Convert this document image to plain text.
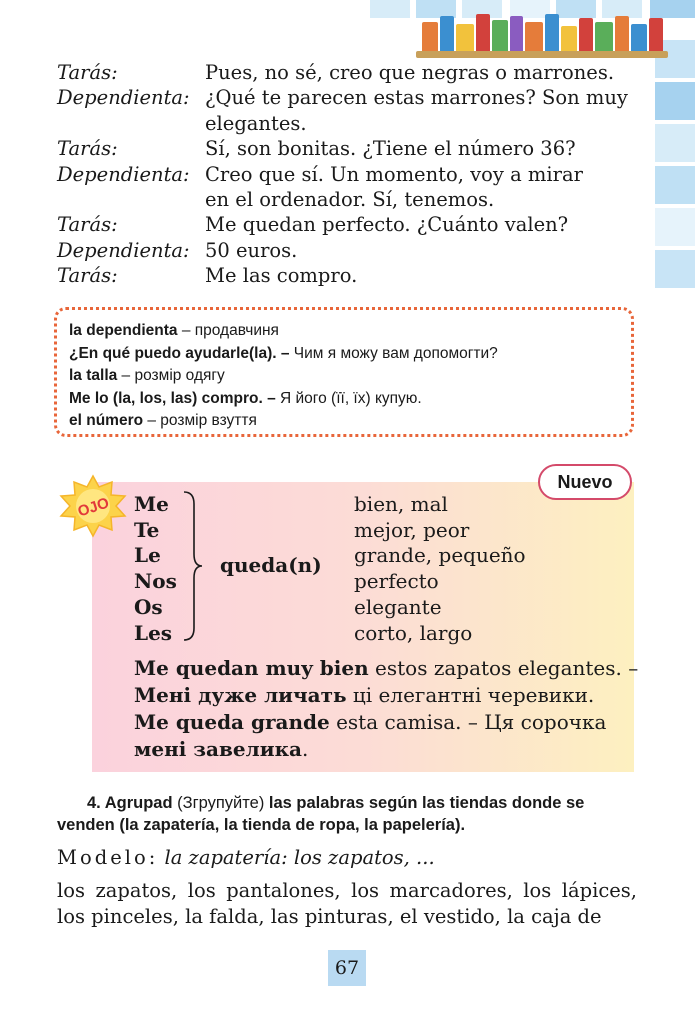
Tarás:	Pues, no sé, creo que negras o marrones.
Dependienta: ¿Qué te parecen estas marrones? Son muy
elegantes.
Tarás:	Sí, son bonitas. ¿Tiene el número 36?
Dependienta: Creo que sí. Un momento, voy a mirar
en el ordenador. Sí, tenemos.
Tarás:	Me quedan perfecto. ¿Cuánto valen?
Dependienta: 50 euros.
Tarás:	Me las compro.
la dependienta – продавчиня
¿En qué puedo ayudarle(la). – Чим я можу вам допомогти?
la talla – розмір одягу
Me lo (la, los, las) compro. – Я його (її, їх) купую.
el número – розмір взуття
OJO
Nuevo
Me
Te
Le
Nos
Os
Les
queda(n)
bien, mal
mejor, peor
grande, pequeño
perfecto
elegante
corto, largo
Me quedan muy bien estos zapatos elegantes. –
Мені дуже личать ці елегантні черевики.
Me queda grande esta camisa. – Ця сорочка
мені завелика.
4. Agrupad (Згрупуйте) las palabras según las tiendas donde se venden (la zapatería, la tienda de ropa, la papelería).
Modelo: la zapatería: los zapatos, ...
los zapatos, los pantalones, los marcadores, los lápices, los pinceles, la falda, las pinturas, el vestido, la caja de
67
